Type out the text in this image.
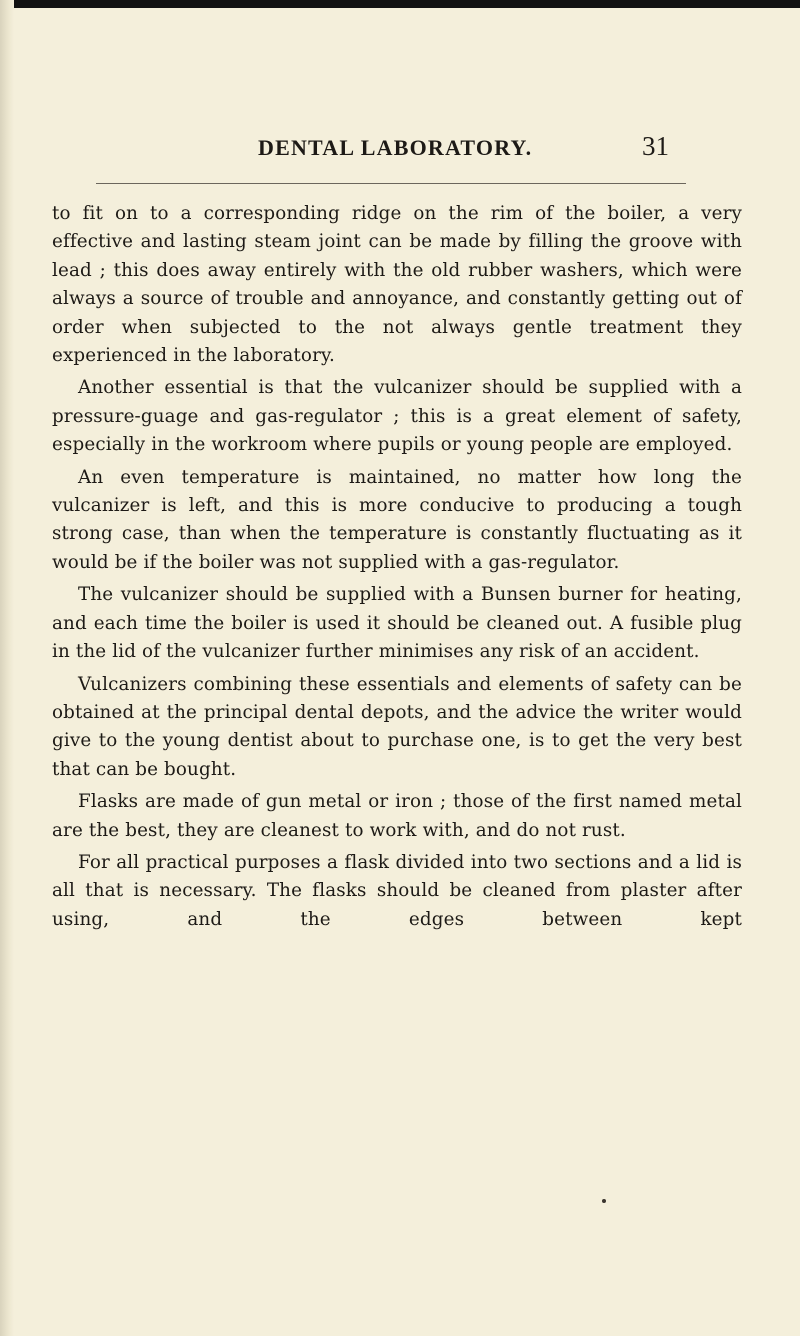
DENTAL LABORATORY.	31

to fit on to a corresponding ridge on the rim of the boiler, a very effective and lasting steam joint can be made by filling the groove with lead ; this does away entirely with the old rubber washers, which were always a source of trouble and annoyance, and constantly getting out of order when subjected to the not always gentle treatment they experienced in the laboratory.

Another essential is that the vulcanizer should be supplied with a pressure-guage and gas-regulator ; this is a great element of safety, especially in the workroom where pupils or young people are employed.

An even temperature is maintained, no matter how long the vulcanizer is left, and this is more conducive to producing a tough strong case, than when the temperature is constantly fluctuating as it would be if the boiler was not supplied with a gas-regulator.

The vulcanizer should be supplied with a Bunsen burner for heating, and each time the boiler is used it should be cleaned out. A fusible plug in the lid of the vulcanizer further minimises any risk of an accident.

Vulcanizers combining these essentials and elements of safety can be obtained at the principal dental depots, and the advice the writer would give to the young dentist about to purchase one, is to get the very best that can be bought.

Flasks are made of gun metal or iron ; those of the first named metal are the best, they are cleanest to work with, and do not rust.

For all practical purposes a flask divided into two sections and a lid is all that is necessary. The flasks should be cleaned from plaster after using, and the edges between kept
